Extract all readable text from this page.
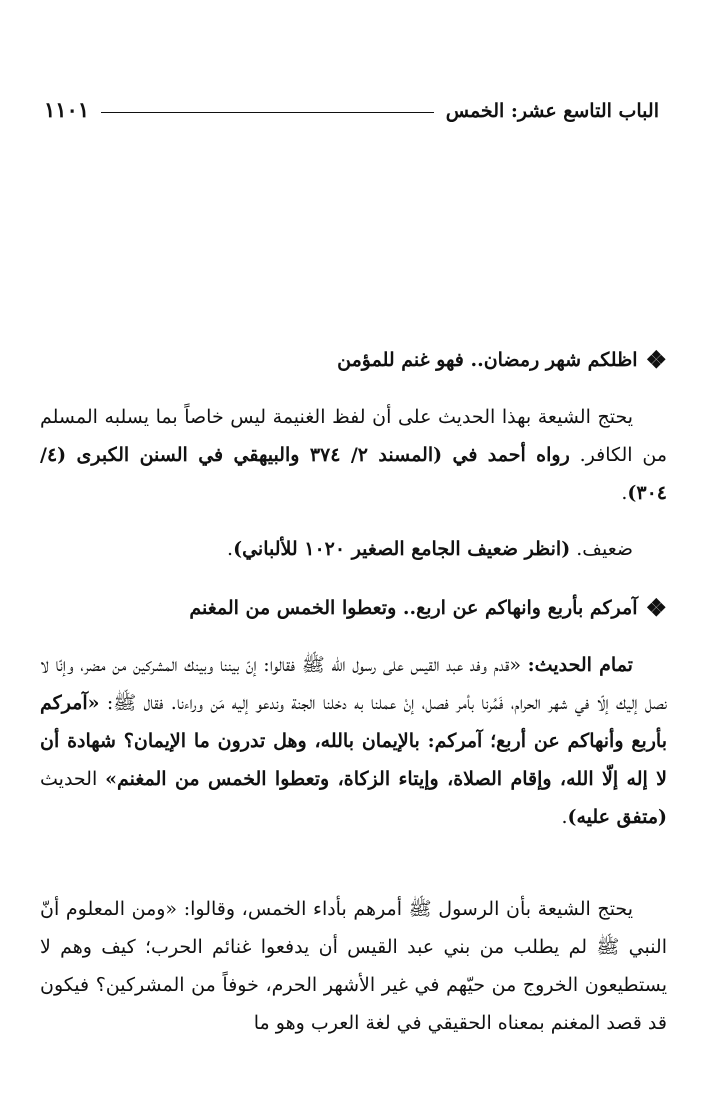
الباب التاسع عشر: الخمس
١١٠١
❖
اظلكم شهر رمضان.. فهو غنم للمؤمن

يحتج الشيعة بهذا الحديث على أن لفظ الغنيمة ليس خاصاً بما يسلبه المسلم من الكافر. رواه أحمد في (المسند ٢/ ٣٧٤ والبيهقي في السنن الكبرى (٤/ ٣٠٤).

ضعيف. (انظر ضعيف الجامع الصغير ١٠٢٠ للألباني).

❖
آمركم بأربع وانهاكم عن اربع.. وتعطوا الخمس من المغنم

تمام الحديث: «قدم وفد عبد القيس على رسول الله ﷺ فقالوا: إنّ بيننا وبينك المشركين من مضر، وإنّا لا نصل إليك إلّا في شهر الحرام، فَمُرنا بأمر فصل، إنْ عملنا به دخلنا الجنة وندعو إليه مَن وراءنا. فقال ﷺ: «آمركم بأربع وأنهاكم عن أربع؛ آمركم: بالإيمان بالله، وهل تدرون ما الإيمان؟ شهادة أن لا إله إلّا الله، وإقام الصلاة، وإيتاء الزكاة، وتعطوا الخمس من المغنم» الحديث (متفق عليه).

يحتج الشيعة بأن الرسول ﷺ أمرهم بأداء الخمس، وقالوا: «ومن المعلوم أنّ النبي ﷺ لم يطلب من بني عبد القيس أن يدفعوا غنائم الحرب؛ كيف وهم لا يستطيعون الخروج من حيّهم في غير الأشهر الحرم، خوفاً من المشركين؟ فيكون قد قصد المغنم بمعناه الحقيقي في لغة العرب وهو ما
